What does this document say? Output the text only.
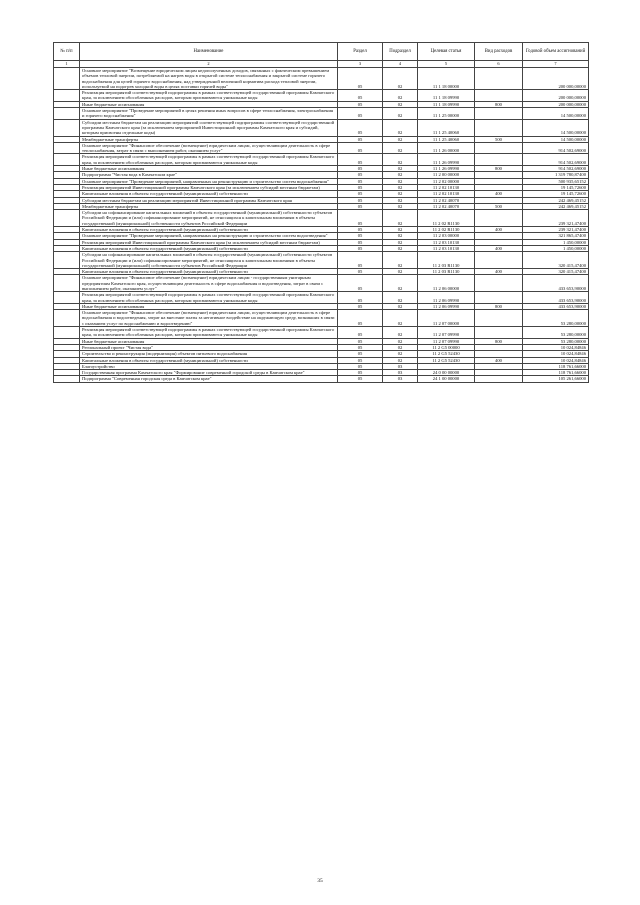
№ п/п	Наименование	Раздел	Подраздел	Целевая статья	Вид расходов	Годовой объем ассигнований
1	2	3	4	5	6	7
	Основное мероприятие "Возмещение юридическим лицам недополученных доходов, связанных с фактическим превышением объемов тепловой энергии, потребляемой на нагрев воды в открытой системе теплоснабжения и закрытой системе горячего водоснабжения для целей горячего водоснабжения, над утвержденной величиной норматива расхода тепловой энергии, используемой на подогрев холодной воды в целях поставки горячей воды"	05	02	11 1 18 00000		200 000,00000
	Реализация мероприятий соответствующей подпрограммы в рамках соответствующей государственной программы Камчатского края, за исключением обособленных расходов, которым присваиваются уникальные коды	05	02	11 1 18 09990		200 000,00000
	Иные бюджетные ассигнования	05	02	11 1 18 09990	800	200 000,00000
	Основное мероприятие "Проведение мероприятий в целях решения иных вопросов в сфере теплоснабжения, электроснабжения и горячего водоснабжения"	05	02	11 1 25 00000		14 500,00000
	Субсидии местным бюджетам на реализацию мероприятий соответствующей подпрограммы соответствующей государственной программы Камчатского края (за исключением мероприятий Инвестиционной программы Камчатского края и субсидий, которым присвоены отдельные коды)	05	02	11 1 25 40060		14 500,00000
	Межбюджетные трансферты	05	02	11 1 25 40060	500	14 500,00000
	Основное мероприятие "Финансовое обеспечение (возмещение) юридическим лицам, осуществляющим деятельность в сфере теплоснабжения, затрат в связи с выполнением работ, оказанием услуг"	05	02	11 1 26 00000		914 502,69000
	Реализация мероприятий соответствующей подпрограммы в рамках соответствующей государственной программы Камчатского края, за исключением обособленных расходов, которым присваиваются уникальные коды	05	02	11 1 26 09990		914 502,69000
	Иные бюджетные ассигнования	05	02	11 1 26 09990	800	914 502,69000
	Подпрограмма "Чистая вода в Камчатском крае"	05	02	11 2 00 00000		1 319 780,87400
	Основное мероприятие "Проведение мероприятий, направленных на реконструкцию и строительство систем водоснабжения"	05	02	11 2 02 00000		500 935,65152
	Реализация мероприятий Инвестиционной программы Камчатского края (за исключением субсидий местным бюджетам)	05	02	11 2 02 10130		19 145,72600
	Капитальные вложения в объекты государственной (муниципальной) собственности	05	02	11 2 02 10130	400	19 145,72600
	Субсидии местным бюджетам на реализацию мероприятий Инвестиционной программы Камчатского края	05	02	11 2 02 40070		242 469,45152
	Межбюджетные трансферты	05	02	11 2 02 40070	500	242 469,45152
	Субсидии на софинансирование капитальных вложений в объекты государственной (муниципальной) собственности субъектов Российской Федерации и (или) софинансирование мероприятий, не относящихся к капитальным вложениям в объекты государственной (муниципальной) собственности субъектов Российской Федерации	05	02	11 2 02 R1130		239 321,47400
	Капитальные вложения в объекты государственной (муниципальной) собственности	05	02	11 2 02 R1130	400	239 321,47400
	Основное мероприятие "Проведение мероприятий, направленных на реконструкцию и строительство систем водоотведения"	05	02	11 2 03 00000		321 865,47400
	Реализация мероприятий Инвестиционной программы Камчатского края (за исключением субсидий местным бюджетам)	05	02	11 2 03 10130		1 450,00000
	Капитальные вложения в объекты государственной (муниципальной) собственности	05	02	11 2 03 10130	400	1 450,00000
	Субсидии на софинансирование капитальных вложений в объекты государственной (муниципальной) собственности субъектов Российской Федерации и (или) софинансирование мероприятий, не относящихся к капитальным вложениям в объекты государственной (муниципальной) собственности субъектов Российской Федерации	05	02	11 2 03 R1130		320 415,47400
	Капитальные вложения в объекты государственной (муниципальной) собственности	05	02	11 2 03 R1130	400	320 415,47400
	Основное мероприятие "Финансовое обеспечение (возмещение) юридическим лицам - государственным унитарным предприятиям Камчатского края, осуществляющим деятельность в сфере водоснабжения и водоотведения, затрат в связи с выполнением работ, оказанием услуг"	05	02	11 2 06 00000		433 653,90000
	Реализация мероприятий соответствующей подпрограммы в рамках соответствующей государственной программы Камчатского края, за исключением обособленных расходов, которым присваиваются уникальные коды	05	02	11 2 06 09990		433 653,90000
	Иные бюджетные ассигнования	05	02	11 2 06 09990	800	433 653,90000
	Основное мероприятие "Финансовое обеспечение (возмещение) юридическим лицам, осуществляющим деятельность в сфере водоснабжения и водоотведения, затрат на внесение платы за негативное воздействие на окружающую среду, возникших в связи с оказанием услуг по водоснабжению и водоотведению"	05	02	11 2 07 00000		53 280,00000
	Реализация мероприятий соответствующей подпрограммы в рамках соответствующей государственной программы Камчатского края, за исключением обособленных расходов, которым присваиваются уникальные коды	05	02	11 2 07 09990		53 280,00000
	Иные бюджетные ассигнования	05	02	11 2 07 09990	800	53 280,00000
	Региональный проект "Чистая вода"	05	02	11 2 G5 00000		10 024,84846
	Строительство и реконструкция (модернизация) объектов питьевого водоснабжения	05	02	11 2 G5 52430		10 024,84846
	Капитальные вложения в объекты государственной (муниципальной) собственности	05	02	11 2 G5 52430	400	10 024,84846
	Благоустройство	05	03			118 761,66000
	Государственная программа Камчатского края "Формирование современной городской среды в Камчатском крае"	05	03	24 0 00 00000		118 761,66000
	Подпрограмма "Современная городская среда в Камчатском крае"	05	03	24 1 00 00000		105 261,66000
35
